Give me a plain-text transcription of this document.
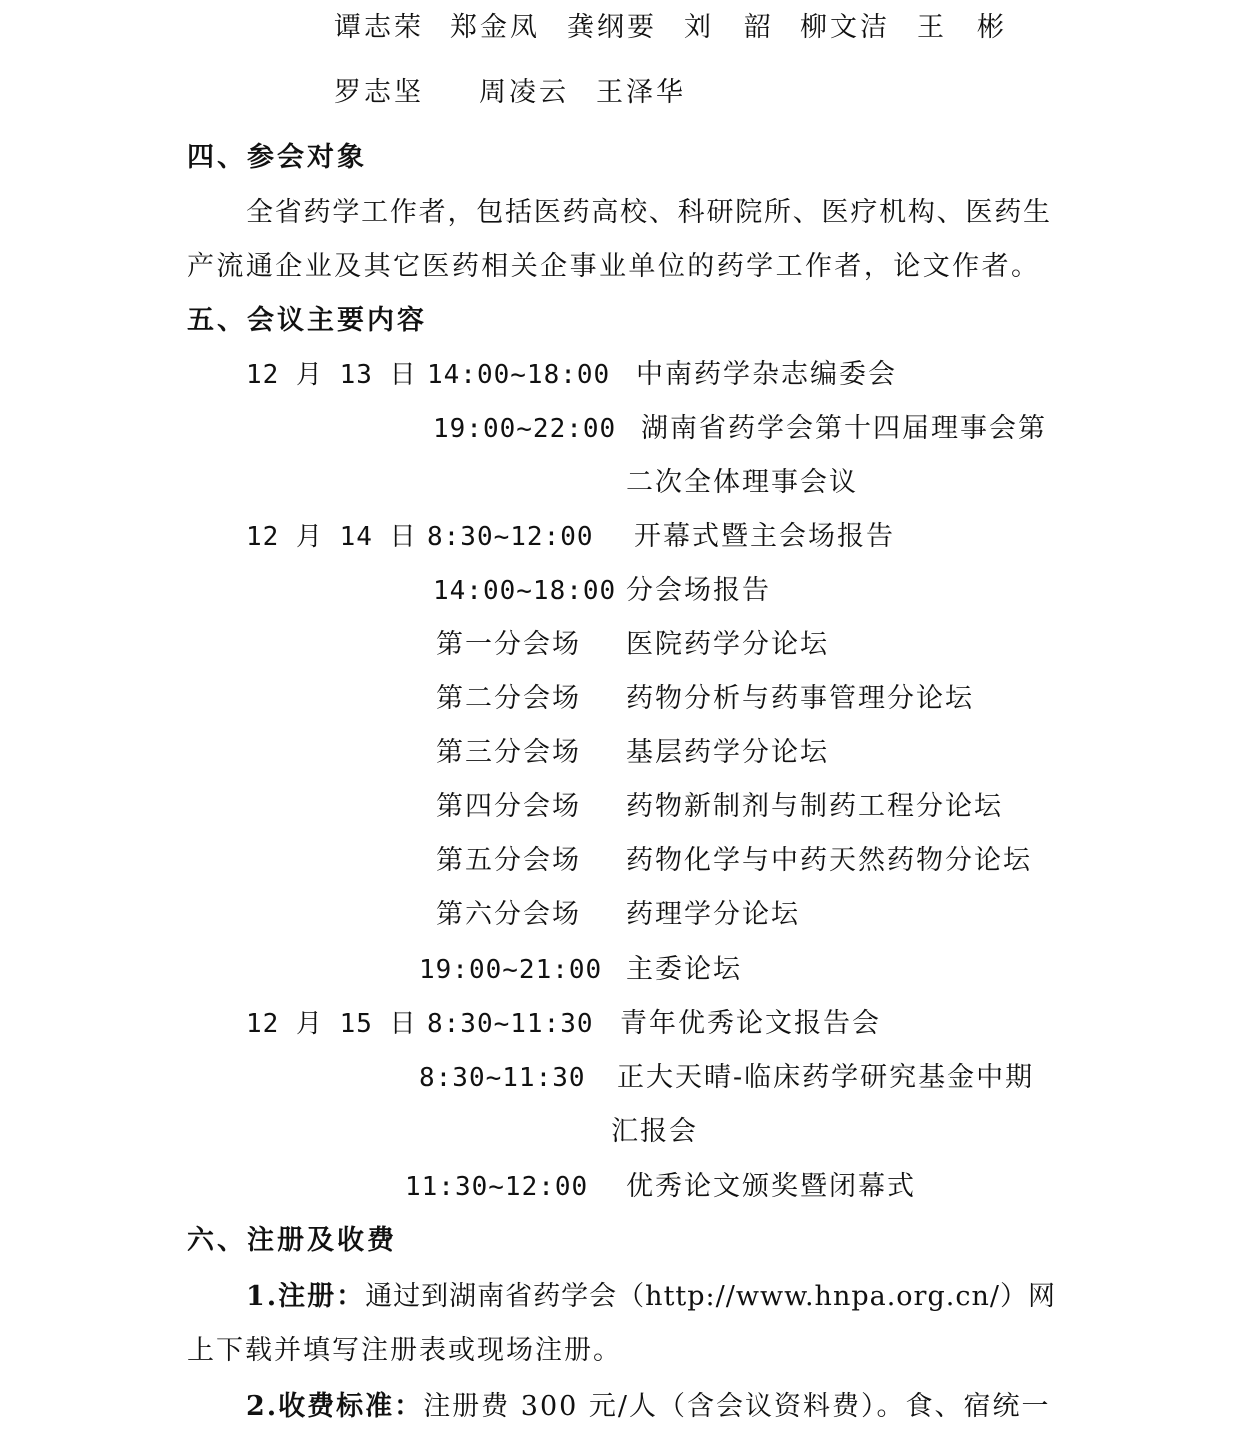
谭志荣 郑金凤 龚纲要 刘　韶 柳文洁 王　彬
罗志坚 周凌云 王泽华
四、参会对象
全省药学工作者，包括医药高校、科研院所、医疗机构、医药生
产流通企业及其它医药相关企事业单位的药学工作者，论文作者。
五、会议主要内容
12 月 13 日 14:00~18:00 中南药学杂志编委会
19:00~22:00 湖南省药学会第十四届理事会第
二次全体理事会议
12 月 14 日 8:30~12:00 开幕式暨主会场报告
14:00~18:00 分会场报告
第一分会场 医院药学分论坛
第二分会场 药物分析与药事管理分论坛
第三分会场 基层药学分论坛
第四分会场 药物新制剂与制药工程分论坛
第五分会场 药物化学与中药天然药物分论坛
第六分会场 药理学分论坛
19:00~21:00 主委论坛
12 月 15 日 8:30~11:30 青年优秀论文报告会
8:30~11:30 正大天晴-临床药学研究基金中期
汇报会
11:30~12:00 优秀论文颁奖暨闭幕式
六、注册及收费
1.注册：通过到湖南省药学会（http://www.hnpa.org.cn/）网
上下载并填写注册表或现场注册。
2.收费标准：注册费 300 元/人（含会议资料费）。食、宿统一
